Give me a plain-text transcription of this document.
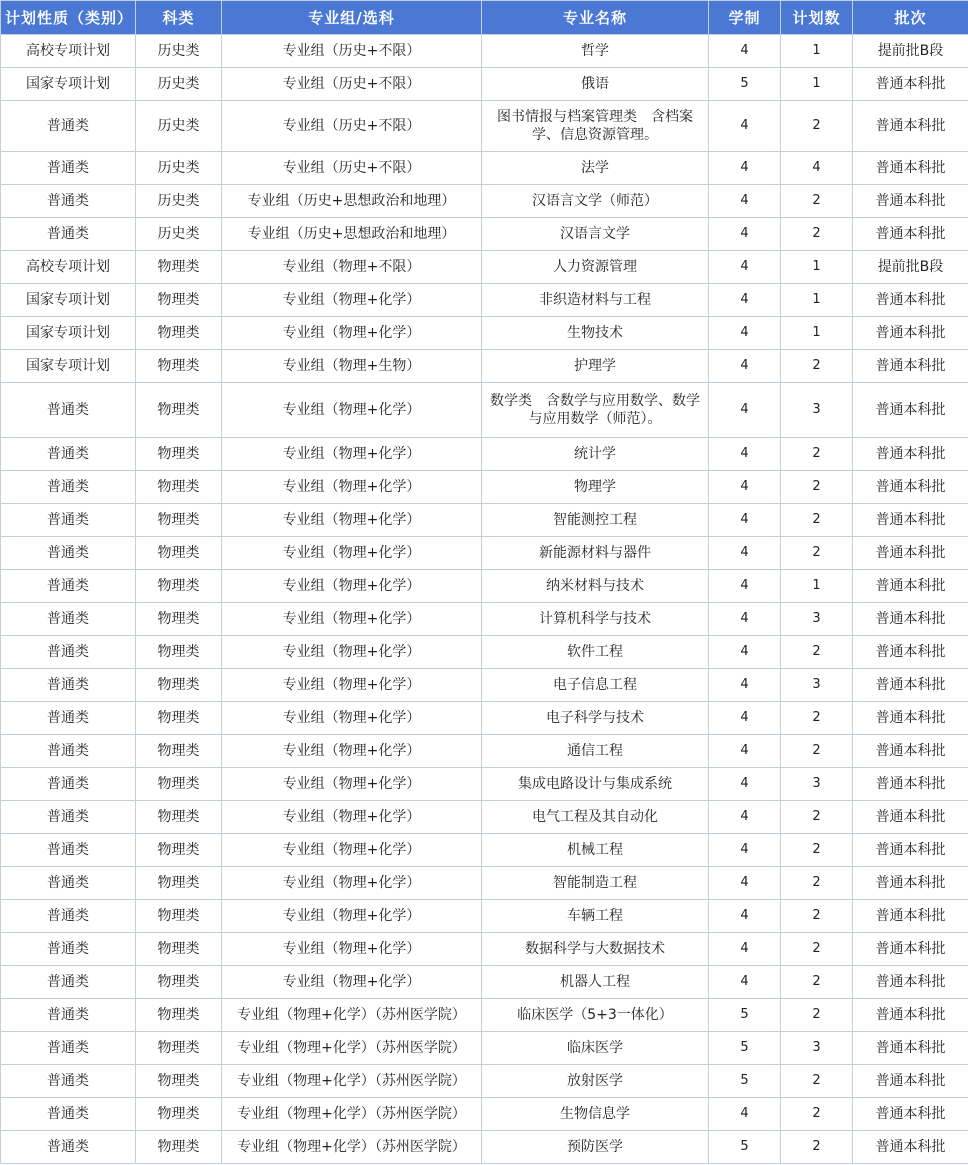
计划性质（类别）	科类	专业组/选科	专业名称	学制	计划数	批次
高校专项计划	历史类	专业组（历史+不限）	哲学	4	1	提前批B段
国家专项计划	历史类	专业组（历史+不限）	俄语	5	1	普通本科批
普通类	历史类	专业组（历史+不限）	图书情报与档案管理类　含档案学、信息资源管理。	4	2	普通本科批
普通类	历史类	专业组（历史+不限）	法学	4	4	普通本科批
普通类	历史类	专业组（历史+思想政治和地理）	汉语言文学（师范）	4	2	普通本科批
普通类	历史类	专业组（历史+思想政治和地理）	汉语言文学	4	2	普通本科批
高校专项计划	物理类	专业组（物理+不限）	人力资源管理	4	1	提前批B段
国家专项计划	物理类	专业组（物理+化学）	非织造材料与工程	4	1	普通本科批
国家专项计划	物理类	专业组（物理+化学）	生物技术	4	1	普通本科批
国家专项计划	物理类	专业组（物理+生物）	护理学	4	2	普通本科批
普通类	物理类	专业组（物理+化学）	数学类　含数学与应用数学、数学与应用数学（师范）。	4	3	普通本科批
普通类	物理类	专业组（物理+化学）	统计学	4	2	普通本科批
普通类	物理类	专业组（物理+化学）	物理学	4	2	普通本科批
普通类	物理类	专业组（物理+化学）	智能测控工程	4	2	普通本科批
普通类	物理类	专业组（物理+化学）	新能源材料与器件	4	2	普通本科批
普通类	物理类	专业组（物理+化学）	纳米材料与技术	4	1	普通本科批
普通类	物理类	专业组（物理+化学）	计算机科学与技术	4	3	普通本科批
普通类	物理类	专业组（物理+化学）	软件工程	4	2	普通本科批
普通类	物理类	专业组（物理+化学）	电子信息工程	4	3	普通本科批
普通类	物理类	专业组（物理+化学）	电子科学与技术	4	2	普通本科批
普通类	物理类	专业组（物理+化学）	通信工程	4	2	普通本科批
普通类	物理类	专业组（物理+化学）	集成电路设计与集成系统	4	3	普通本科批
普通类	物理类	专业组（物理+化学）	电气工程及其自动化	4	2	普通本科批
普通类	物理类	专业组（物理+化学）	机械工程	4	2	普通本科批
普通类	物理类	专业组（物理+化学）	智能制造工程	4	2	普通本科批
普通类	物理类	专业组（物理+化学）	车辆工程	4	2	普通本科批
普通类	物理类	专业组（物理+化学）	数据科学与大数据技术	4	2	普通本科批
普通类	物理类	专业组（物理+化学）	机器人工程	4	2	普通本科批
普通类	物理类	专业组（物理+化学）（苏州医学院）	临床医学（5+3一体化）	5	2	普通本科批
普通类	物理类	专业组（物理+化学）（苏州医学院）	临床医学	5	3	普通本科批
普通类	物理类	专业组（物理+化学）（苏州医学院）	放射医学	5	2	普通本科批
普通类	物理类	专业组（物理+化学）（苏州医学院）	生物信息学	4	2	普通本科批
普通类	物理类	专业组（物理+化学）（苏州医学院）	预防医学	5	2	普通本科批
